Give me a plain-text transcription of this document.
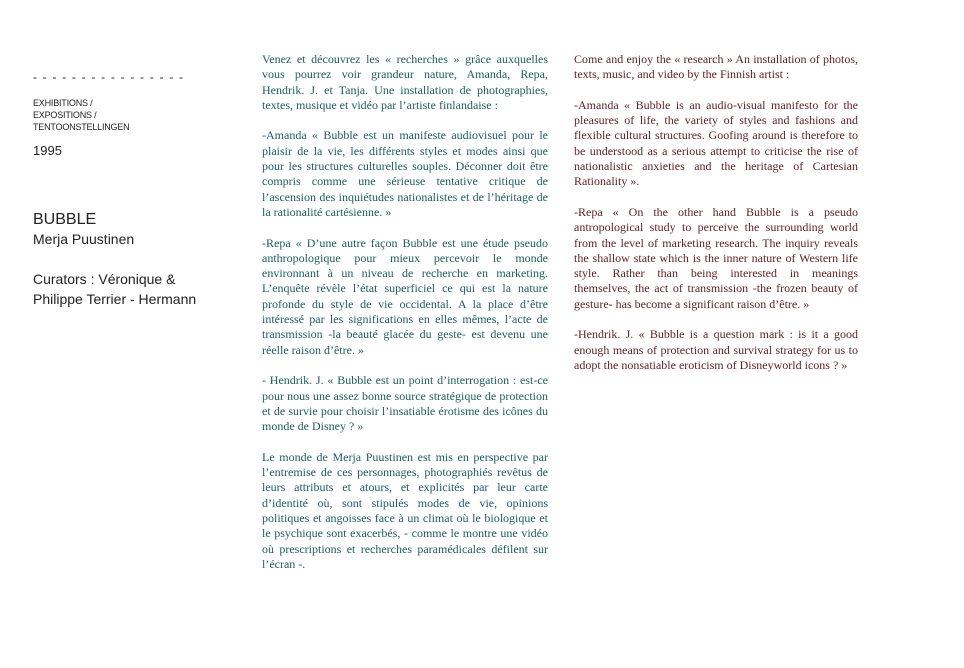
- - - - - - - - - - - - - - - -
EXHIBITIONS /
EXPOSITIONS /
TENTOONSTELLINGEN
1995
BUBBLE
Merja Puustinen
Curators : Véronique &
Philippe Terrier - Hermann

Venez et découvrez les « recherches » grâce auxquelles vous pourrez voir grandeur nature, Amanda, Repa, Hendrik. J. et Tanja. Une installation de photographies, textes, musique et vidéo par l’artiste finlandaise :

-Amanda « Bubble est un manifeste audiovisuel pour le plaisir de la vie, les différents styles et modes ainsi que pour les structures culturelles souples. Déconner doit être compris comme une sérieuse tentative critique de l’ascension des inquiétudes nationalistes et de l’héritage de la rationalité cartésienne. »

-Repa « D’une autre façon Bubble est une étude pseudo anthropologique pour mieux percevoir le monde environnant à un niveau de recherche en marketing. L’enquête révèle l’état superficiel ce qui est la nature profonde du style de vie occidental. A la place d’être intéressé par les significations en elles mêmes, l’acte de transmission -la beauté glacée du geste- est devenu une réelle raison d’être. »

- Hendrik. J. « Bubble est un point d’interrogation : est-ce pour nous une assez bonne source stratégique de protection et de survie pour choisir l’insatiable érotisme des icônes du monde de Disney ? »

Le monde de Merja Puustinen est mis en perspective par l’entremise de ces personnages, photographiés revêtus de leurs attributs et atours, et explicités par leur carte d’identité où, sont stipulés modes de vie, opinions politiques et angoisses face à un climat où le biologique et le psychique sont exacerbés, - comme le montre une vidéo où prescriptions et recherches paramédicales défilent sur l’écran -.

Come and enjoy the « research » An installation of photos, texts, music, and video by the Finnish artist :

-Amanda « Bubble is an audio-visual manifesto for the pleasures of life, the variety of styles and fashions and flexible cultural structures. Goofing around is therefore to be understood as a serious attempt to criticise the rise of nationalistic anxieties and the heritage of Cartesian Rationality ».

-Repa « On the other hand Bubble is a pseudo antropological study to perceive the surrounding world from the level of marketing research. The inquiry reveals the shallow state which is the inner nature of Western life style. Rather than being interested in meanings themselves, the act of transmission -the frozen beauty of gesture- has become a significant raison d’être. »

-Hendrik. J. « Bubble is a question mark : is it a good enough means of protection and survival strategy for us to adopt the nonsatiable eroticism of Disneyworld icons ? »
